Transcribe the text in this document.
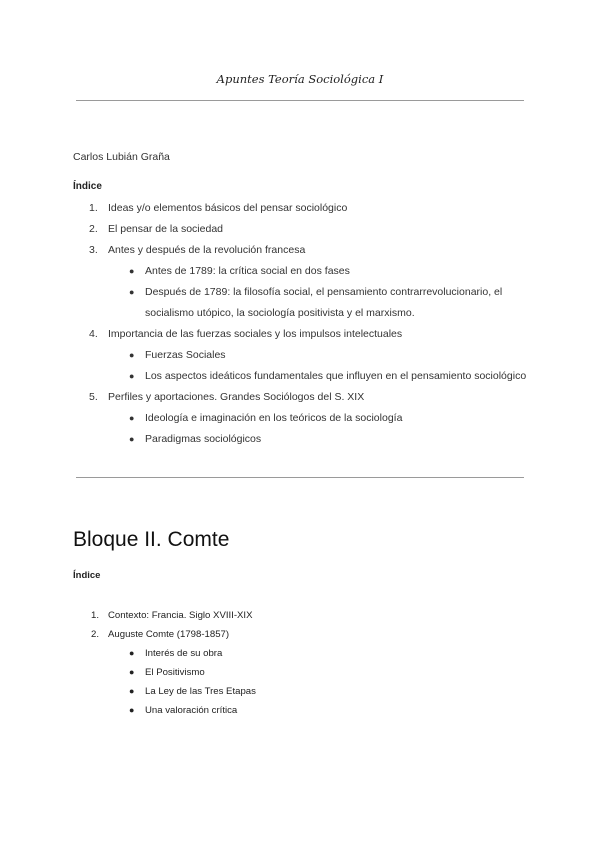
Apuntes Teoría Sociológica I
Carlos Lubián Graña
Índice
1. Ideas y/o elementos básicos del pensar sociológico
2. El pensar de la sociedad
3. Antes y después de la revolución francesa
● Antes de 1789: la crítica social en dos fases
● Después de 1789: la filosofía social, el pensamiento contrarrevolucionario, el socialismo utópico, la sociología positivista y el marxismo.
4. Importancia de las fuerzas sociales y los impulsos intelectuales
● Fuerzas Sociales
● Los aspectos ideáticos fundamentales que influyen en el pensamiento sociológico
5. Perfiles y aportaciones. Grandes Sociólogos del S. XIX
● Ideología e imaginación en los teóricos de la sociología
● Paradigmas sociológicos
Bloque II. Comte
Índice
1. Contexto: Francia. Siglo XVIII-XIX
2. Auguste Comte (1798-1857)
● Interés de su obra
● El Positivismo
● La Ley de las Tres Etapas
● Una valoración crítica
